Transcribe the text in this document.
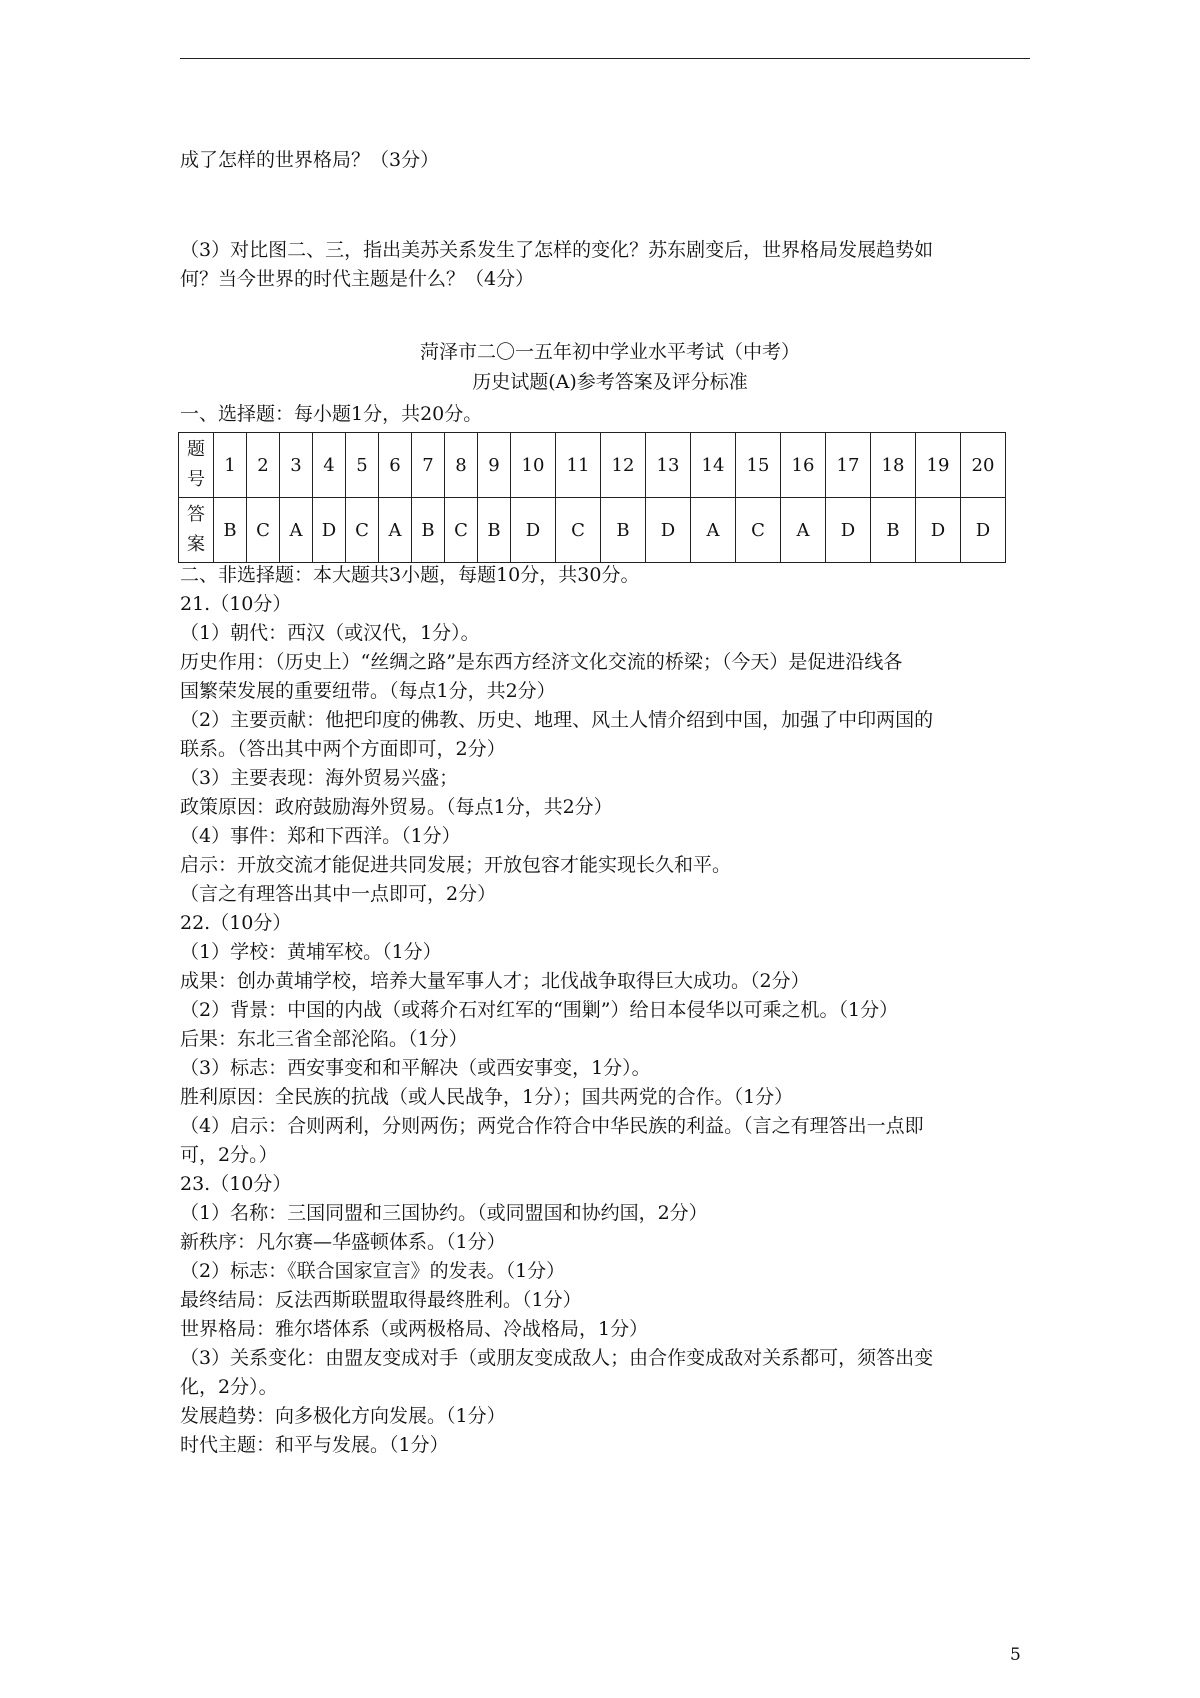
成了怎样的世界格局？（3分）
（3）对比图二、三，指出美苏关系发生了怎样的变化？苏东剧变后，世界格局发展趋势如
何？当今世界的时代主题是什么？（4分）
菏泽市二〇一五年初中学业水平考试（中考）
历史试题(A)参考答案及评分标准
一、选择题：每小题1分，共20分。
题号	1	2	3	4	5	6	7	8	9	10	11	12	13	14	15	16	17	18	19	20
答案	B	C	A	D	C	A	B	C	B	D	C	B	D	A	C	A	D	B	D	D
二、非选择题：本大题共3小题，每题10分，共30分。
21.（10分）
（1）朝代：西汉（或汉代，1分）。
历史作用：（历史上）“丝绸之路”是东西方经济文化交流的桥梁；（今天）是促进沿线各
国繁荣发展的重要纽带。（每点1分，共2分）
（2）主要贡献：他把印度的佛教、历史、地理、风土人情介绍到中国，加强了中印两国的
联系。（答出其中两个方面即可，2分）
（3）主要表现：海外贸易兴盛；
政策原因：政府鼓励海外贸易。（每点1分，共2分）
（4）事件：郑和下西洋。（1分）
启示：开放交流才能促进共同发展；开放包容才能实现长久和平。
（言之有理答出其中一点即可，2分）
22.（10分）
（1）学校：黄埔军校。（1分）
成果：创办黄埔学校，培养大量军事人才；北伐战争取得巨大成功。（2分）
（2）背景：中国的内战（或蒋介石对红军的“围剿”）给日本侵华以可乘之机。（1分）
后果：东北三省全部沦陷。（1分）
（3）标志：西安事变和和平解决（或西安事变，1分）。
胜利原因：全民族的抗战（或人民战争，1分）；国共两党的合作。（1分）
（4）启示：合则两利，分则两伤；两党合作符合中华民族的利益。（言之有理答出一点即
可，2分。）
23.（10分）
（1）名称：三国同盟和三国协约。（或同盟国和协约国，2分）
新秩序：凡尔赛—华盛顿体系。（1分）
（2）标志：《联合国家宣言》的发表。（1分）
最终结局：反法西斯联盟取得最终胜利。（1分）
世界格局：雅尔塔体系（或两极格局、冷战格局，1分）
（3）关系变化：由盟友变成对手（或朋友变成敌人；由合作变成敌对关系都可，须答出变
化，2分）。
发展趋势：向多极化方向发展。（1分）
时代主题：和平与发展。（1分）
5
